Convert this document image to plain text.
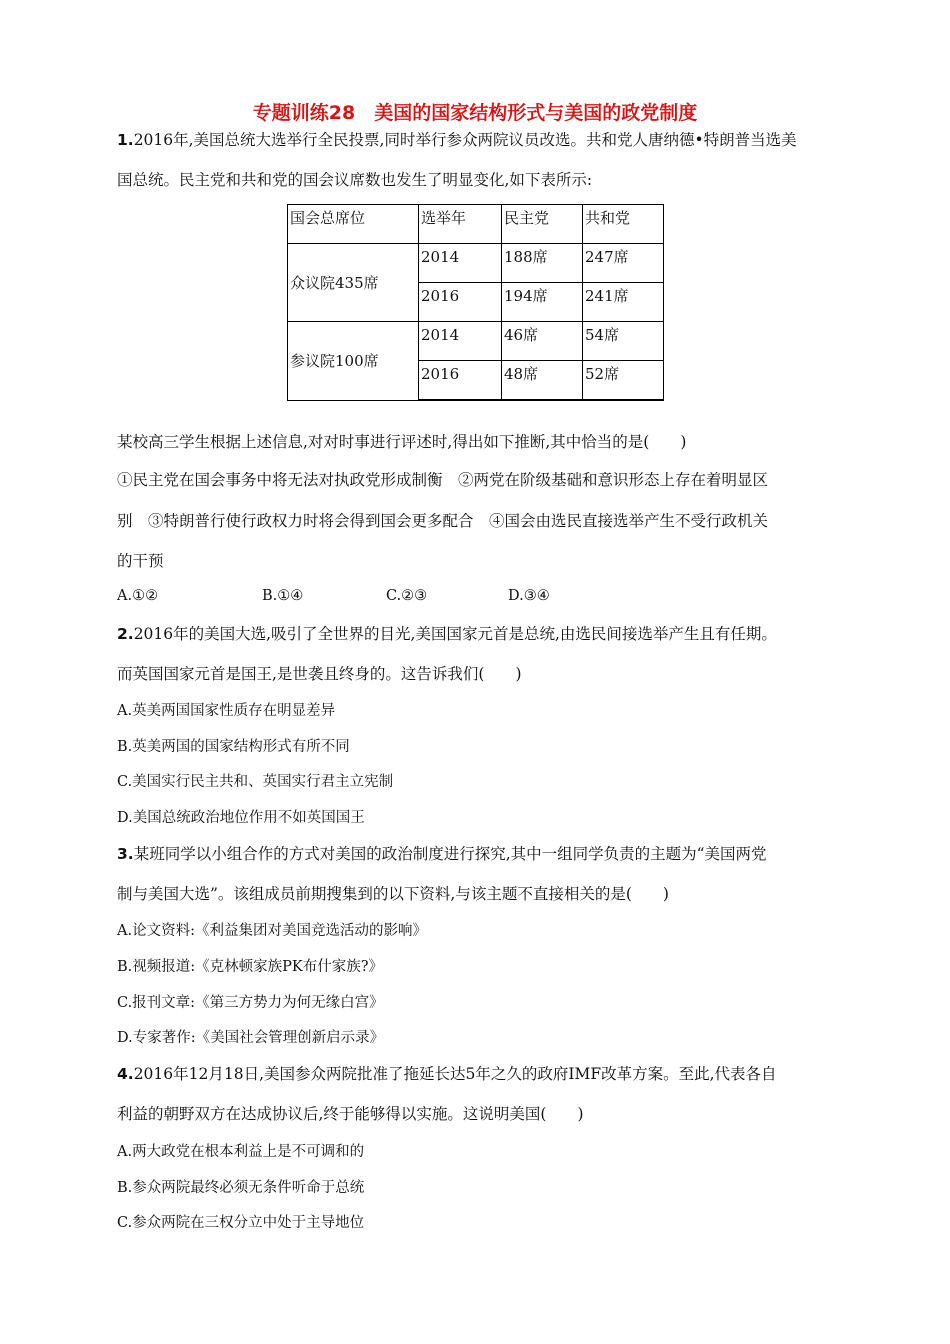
专题训练28　美国的国家结构形式与美国的政党制度
1.2016年,美国总统大选举行全民投票,同时举行参众两院议员改选。共和党人唐纳德•特朗普当选美
国总统。民主党和共和党的国会议席数也发生了明显变化,如下表所示:
国会总席位	选举年	民主党	共和党
众议院435席	2014	188席	247席
	2016	194席	241席
参议院100席	2014	46席	54席
	2016	48席	52席
某校高三学生根据上述信息,对对时事进行评述时,得出如下推断,其中恰当的是(　　)
①民主党在国会事务中将无法对执政党形成制衡　②两党在阶级基础和意识形态上存在着明显区
别　③特朗普行使行政权力时将会得到国会更多配合　④国会由选民直接选举产生不受行政机关
的干预
A.①②	B.①④	C.②③	D.③④
2.2016年的美国大选,吸引了全世界的目光,美国国家元首是总统,由选民间接选举产生且有任期。
而英国国家元首是国王,是世袭且终身的。这告诉我们(　　)
A.英美两国国家性质存在明显差异
B.英美两国的国家结构形式有所不同
C.美国实行民主共和、英国实行君主立宪制
D.美国总统政治地位作用不如英国国王
3.某班同学以小组合作的方式对美国的政治制度进行探究,其中一组同学负责的主题为“美国两党
制与美国大选”。该组成员前期搜集到的以下资料,与该主题不直接相关的是(　　)
A.论文资料:《利益集团对美国竞选活动的影响》
B.视频报道:《克林顿家族PK布什家族?》
C.报刊文章:《第三方势力为何无缘白宫》
D.专家著作:《美国社会管理创新启示录》
4.2016年12月18日,美国参众两院批准了拖延长达5年之久的政府IMF改革方案。至此,代表各自
利益的朝野双方在达成协议后,终于能够得以实施。这说明美国(　　)
A.两大政党在根本利益上是不可调和的
B.参众两院最终必须无条件听命于总统
C.参众两院在三权分立中处于主导地位
